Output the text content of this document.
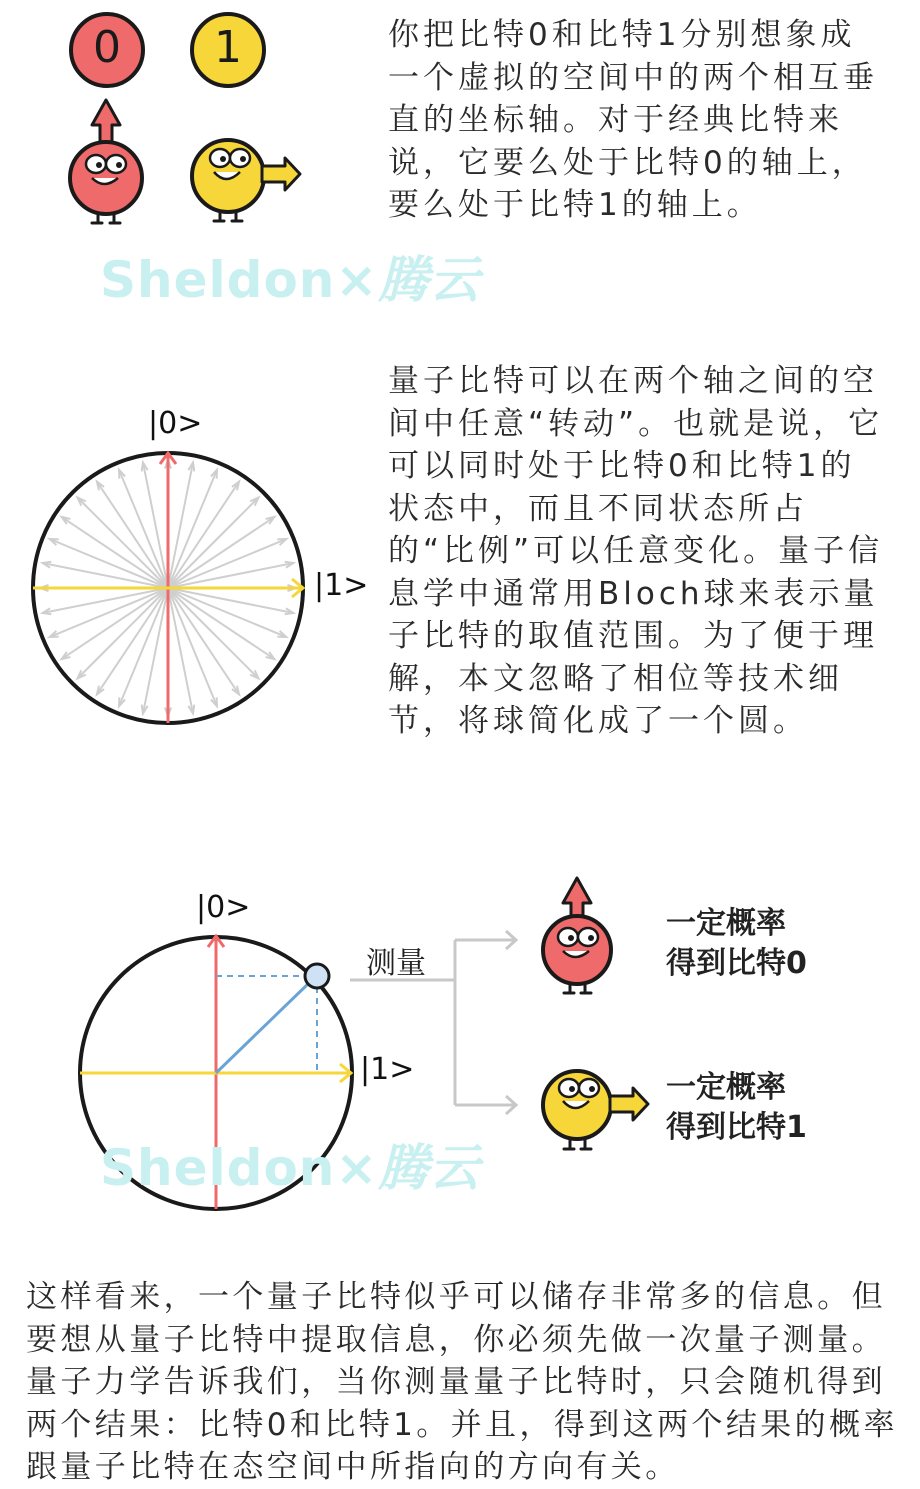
0 1	你把比特0和比特1分别想象成一个虚拟的空间中的两个相互垂直的坐标轴。对于经典比特来说，它要么处于比特0的轴上，要么处于比特1的轴上。

Sheldon×腾云
|0>
|1>

量子比特可以在两个轴之间的空间中任意“转动”。也就是说，它可以同时处于比特0和比特1的状态中，而且不同状态所占的“比例”可以任意变化。量子信息学中通常用Bloch球来表示量子比特的取值范围。为了便于理解，本文忽略了相位等技术细节，将球简化成了一个圆。

|0>
|1>
测量
一定概率
得到比特0
一定概率
得到比特1
Sheldon×腾云

这样看来，一个量子比特似乎可以储存非常多的信息。但要想从量子比特中提取信息，你必须先做一次量子测量。量子力学告诉我们，当你测量量子比特时，只会随机得到两个结果：比特0和比特1。并且，得到这两个结果的概率跟量子比特在态空间中所指向的方向有关。
